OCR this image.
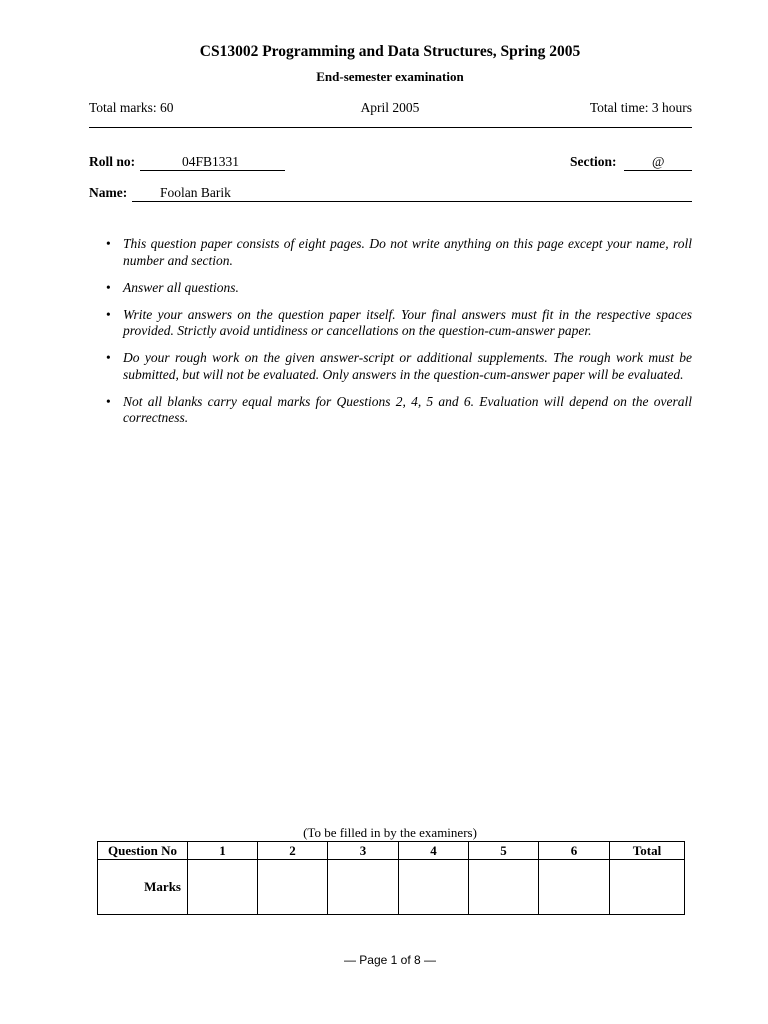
CS13002 Programming and Data Structures, Spring 2005
End-semester examination
Total marks: 60	April 2005	Total time: 3 hours
Roll no:	04FB1331	Section:	@
Name:	Foolan Barik
• This question paper consists of eight pages. Do not write anything on this page except your name, roll number and section.
• Answer all questions.
• Write your answers on the question paper itself. Your final answers must fit in the respective spaces provided. Strictly avoid untidiness or cancellations on the question-cum-answer paper.
• Do your rough work on the given answer-script or additional supplements. The rough work must be submitted, but will not be evaluated. Only answers in the question-cum-answer paper will be evaluated.
• Not all blanks carry equal marks for Questions 2, 4, 5 and 6. Evaluation will depend on the overall correctness.
(To be filled in by the examiners)
Question No	1	2	3	4	5	6	Total
Marks							
— Page 1 of 8 —
